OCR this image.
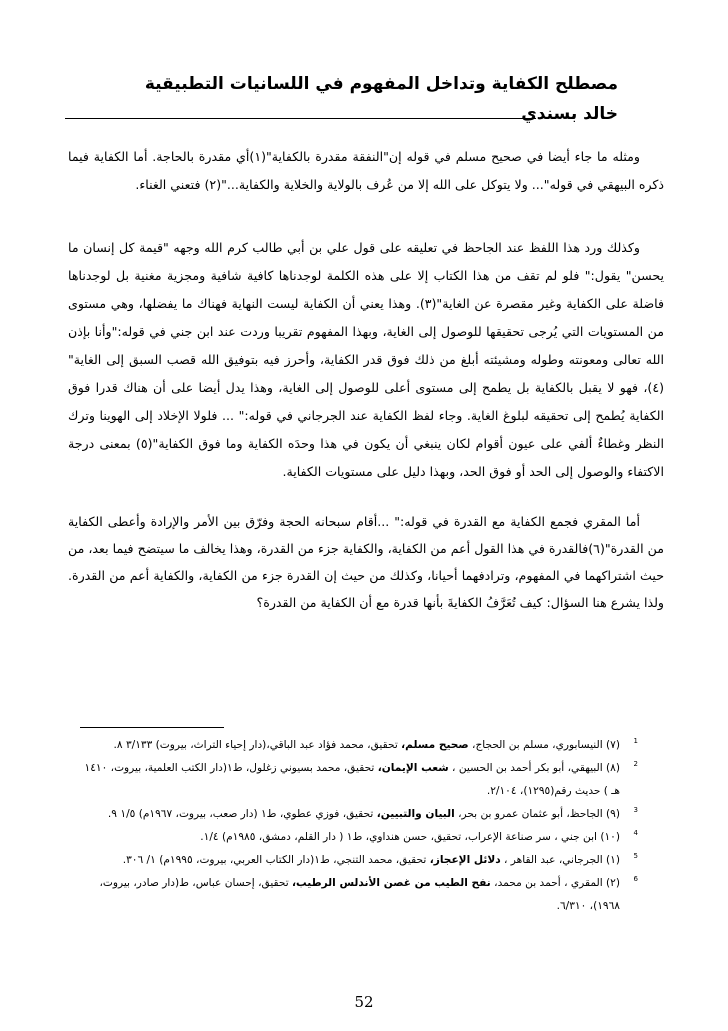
مصطلح الكفاية وتداخل المفهوم في اللسانيات التطبيقية
خالد بسندي

ومثله ما جاء أيضا في صحيح مسلم في قوله إن"النفقة مقدرة بالكفاية"(١)أي مقدرة بالحاجة. أما الكفاية فيما ذكره البيهقي في قوله"... ولا يتوكل على الله إلا من عُرف بالولاية والخلاية والكفاية..."(٢) فتعني الغناء.

وكذلك ورد هذا اللفظ عند الجاحظ في تعليقه على قول علي بن أبي طالب كرم الله وجهه "قيمة كل إنسان ما يحسن" يقول:" فلو لم تقف من هذا الكتاب إلا على هذه الكلمة لوجدناها كافية شافية ومجزية مغنية بل لوجدناها فاضلة على الكفاية وغير مقصرة عن الغاية"(٣). وهذا يعني أن الكفاية ليست النهاية فهناك ما يفضلها، وهي مستوى من المستويات التي يُرجى تحقيقها للوصول إلى الغاية، وبهذا المفهوم تقريبا وردت عند ابن جني في قوله:"وأنا بإذن الله تعالى ومعونته وطوله ومشيئته أبلغ من ذلك فوق قدر الكفاية، وأحرز فيه بتوفيق الله قصب السبق إلى الغاية"(٤)، فهو لا يقبل بالكفاية بل يطمح إلى مستوى أعلى للوصول إلى الغاية، وهذا يدل أيضا على أن هناك قدرا فوق الكفاية يُطمح إلى تحقيقه لبلوغ الغاية. وجاء لفظ الكفاية عند الجرجاني في قوله:" ... فلولا الإخلاد إلى الهوينا وترك النظر وغطاءٌ ألفي على عيون أقوام لكان ينبغي أن يكون في هذا وحدَه الكفاية وما فوق الكفاية"(٥) بمعنى درجة الاكتفاء والوصول إلى الحد أو فوق الحد، وبهذا دليل على مستويات الكفاية.

أما المقري فجمع الكفاية مع القدرة في قوله:" ...أقام سبحانه الحجة وفرّق بين الأمر والإرادة وأعطى الكفاية من القدرة"(٦)فالقدرة في هذا القول أعم من الكفاية، والكفاية جزء من القدرة، وهذا يخالف ما سيتضح فيما بعد، من حيث اشتراكهما في المفهوم، وترادفهما أحيانا، وكذلك من حيث إن القدرة جزء من الكفاية، والكفاية أعم من القدرة. ولذا يشرع هنا السؤال: كيف تُعَرَّفُ الكفايةَ بأنها قدرة مع أن الكفاية من القدرة؟

1
(٧) النيسابوري، مسلم بن الحجاج، صحيح مسلم، تحقيق، محمد فؤاد عبد الباقي،(دار إحياء التراث، بيروت) ٣/١٣٣ ٨.

2
(٨) البيهقي، أبو بكر أحمد بن الحسين ، شعب الإيمان، تحقيق، محمد بسيوني زغلول، ط١(دار الكتب العلمية، بيروت، ١٤١٠ هـ ) حديث رقم(١٢٩٥)، ٢/١٠٤.

3
(٩) الجاحظ، أبو عثمان عمرو بن بحر، البيان والتبيين، تحقيق، فوزي عطوي، ط١ (دار صعب، بيروت، ١٩٦٧م) ١/٥ ٩.

4
(١٠) ابن جني ، سر صناعة الإعراب، تحقيق، حسن هنداوي، ط١ ( دار القلم، دمشق، ١٩٨٥م) ١/٤.

5
(١) الجرجاني، عبد القاهر ، دلائل الإعجاز، تحقيق، محمد التنجي، ط١(دار الكتاب العربي، بيروت، ١٩٩٥م) ١/ ٣٠٦.

6
(٢) المقري ، أحمد بن محمد، نفح الطيب من غصن الأندلس الرطيب، تحقيق، إحسان عباس، ط(دار صادر، بيروت، ١٩٦٨)، ٦/٣١٠.

52
